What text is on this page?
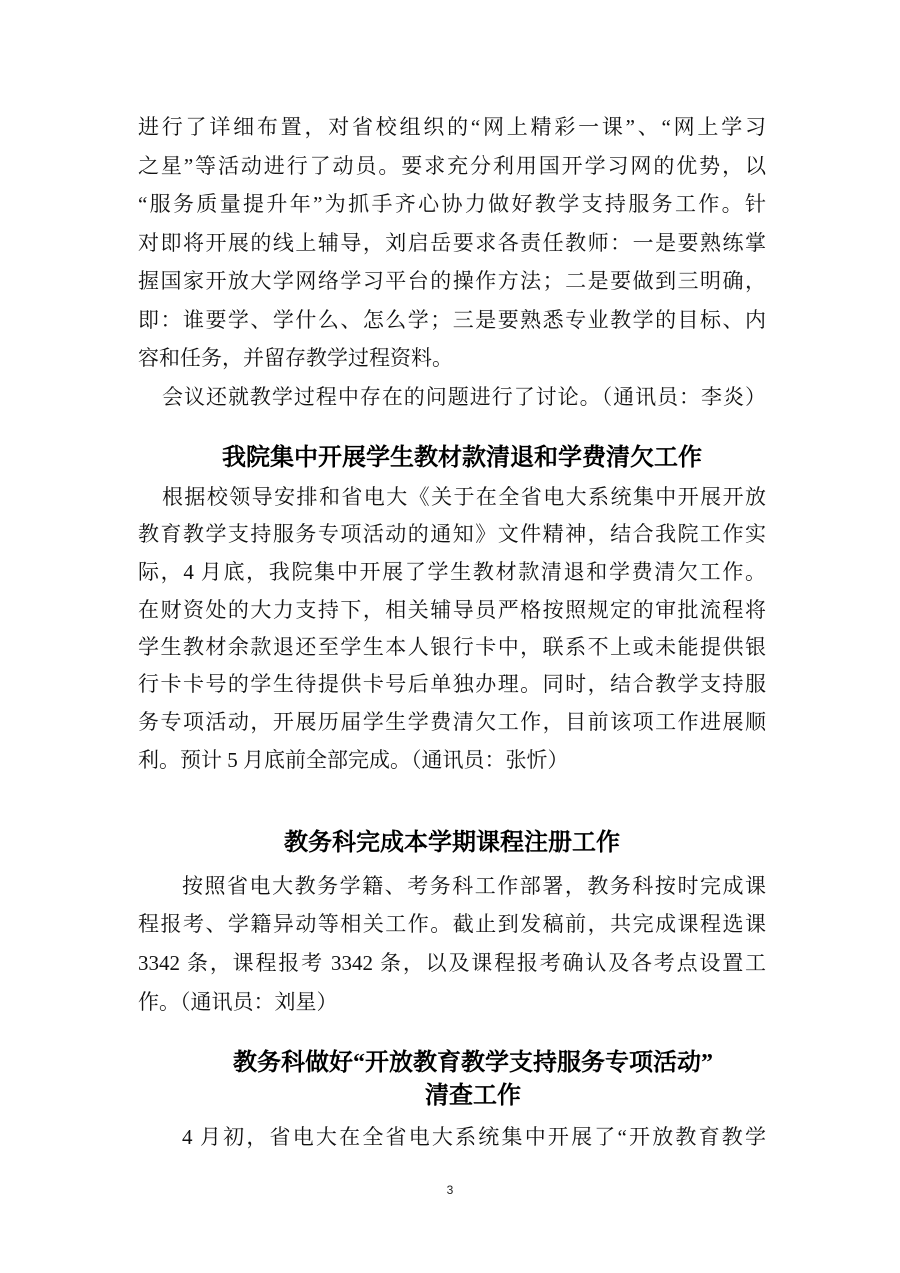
进行了详细布置，对省校组织的“网上精彩一课”、“网上学习
之星”等活动进行了动员。要求充分利用国开学习网的优势，以
“服务质量提升年”为抓手齐心协力做好教学支持服务工作。针
对即将开展的线上辅导，刘启岳要求各责任教师：一是要熟练掌
握国家开放大学网络学习平台的操作方法；二是要做到三明确，
即：谁要学、学什么、怎么学；三是要熟悉专业教学的目标、内
容和任务，并留存教学过程资料。
会议还就教学过程中存在的问题进行了讨论。（通讯员：李炎）
我院集中开展学生教材款清退和学费清欠工作
根据校领导安排和省电大《关于在全省电大系统集中开展开放
教育教学支持服务专项活动的通知》文件精神，结合我院工作实
际，4 月底，我院集中开展了学生教材款清退和学费清欠工作。
在财资处的大力支持下，相关辅导员严格按照规定的审批流程将
学生教材余款退还至学生本人银行卡中，联系不上或未能提供银
行卡卡号的学生待提供卡号后单独办理。同时，结合教学支持服
务专项活动，开展历届学生学费清欠工作，目前该项工作进展顺
利。预计 5 月底前全部完成。（通讯员：张忻）
教务科完成本学期课程注册工作
按照省电大教务学籍、考务科工作部署，教务科按时完成课
程报考、学籍异动等相关工作。截止到发稿前，共完成课程选课
3342 条，课程报考 3342 条，以及课程报考确认及各考点设置工
作。（通讯员：刘星）
教务科做好“开放教育教学支持服务专项活动”
清查工作
4 月初，省电大在全省电大系统集中开展了“开放教育教学
3
